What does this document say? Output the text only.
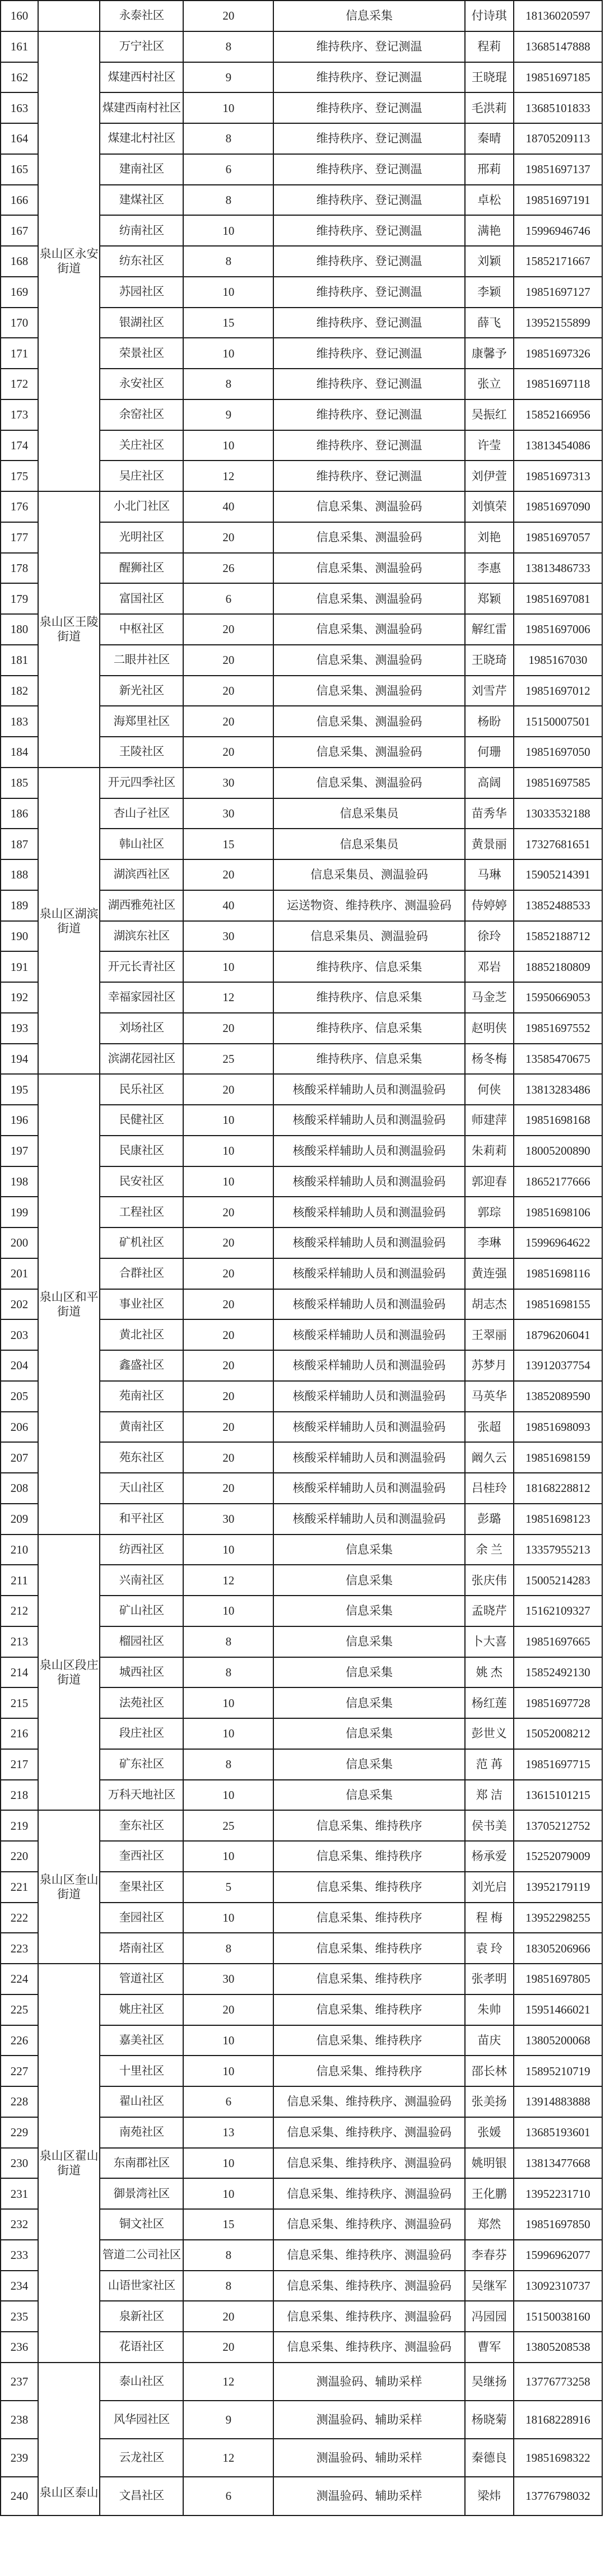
160		永泰社区	20	信息采集	付诗琪	18136020597
161	泉山区永安街道	万宁社区	8	维持秩序、登记测温	程莉	13685147888
162		煤建西村社区	9	维持秩序、登记测温	王晓琨	19851697185
163		煤建西南村社区	10	维持秩序、登记测温	毛洪莉	13685101833
164		煤建北村社区	8	维持秩序、登记测温	秦晴	18705209113
165		建南社区	6	维持秩序、登记测温	邢莉	19851697137
166		建煤社区	8	维持秩序、登记测温	卓松	19851697191
167		纺南社区	10	维持秩序、登记测温	满艳	15996946746
168		纺东社区	8	维持秩序、登记测温	刘颖	15852171667
169		苏园社区	10	维持秩序、登记测温	李颖	19851697127
170		银湖社区	15	维持秩序、登记测温	薛飞	13952155899
171		荣景社区	10	维持秩序、登记测温	康馨予	19851697326
172		永安社区	8	维持秩序、登记测温	张立	19851697118
173		余窑社区	9	维持秩序、登记测温	吴振红	15852166956
174		关庄社区	10	维持秩序、登记测温	许莹	13813454086
175		吴庄社区	12	维持秩序、登记测温	刘伊萱	19851697313
176	泉山区王陵街道	小北门社区	40	信息采集、测温验码	刘慎荣	19851697090
177		光明社区	20	信息采集、测温验码	刘艳	19851697057
178		醒狮社区	26	信息采集、测温验码	李惠	13813486733
179		富国社区	6	信息采集、测温验码	郑颖	19851697081
180		中枢社区	20	信息采集、测温验码	解红雷	19851697006
181		二眼井社区	20	信息采集、测温验码	王晓琦	1985167030
182		新光社区	20	信息采集、测温验码	刘雪芹	19851697012
183		海郑里社区	20	信息采集、测温验码	杨盼	15150007501
184		王陵社区	20	信息采集、测温验码	何珊	19851697050
185	泉山区湖滨街道	开元四季社区	30	信息采集、测温验码	高阔	19851697585
186		杏山子社区	30	信息采集员	苗秀华	13033532188
187		韩山社区	15	信息采集员	黄景丽	17327681651
188		湖滨西社区	20	信息采集员、测温验码	马琳	15905214391
189		湖西雅苑社区	40	运送物资、维持秩序、测温验码	侍婷婷	13852488533
190		湖滨东社区	30	信息采集员、测温验码	徐玲	15852188712
191		开元长青社区	10	维持秩序、信息采集	邓岩	18852180809
192		幸福家园社区	12	维持秩序、信息采集	马金芝	15950669053
193		刘场社区	20	维持秩序、信息采集	赵明侠	19851697552
194		滨湖花园社区	25	维持秩序、信息采集	杨冬梅	13585470675
195	泉山区和平街道	民乐社区	20	核酸采样辅助人员和测温验码	何侠	13813283486
196		民健社区	10	核酸采样辅助人员和测温验码	师建萍	19851698168
197		民康社区	10	核酸采样辅助人员和测温验码	朱莉莉	18005200890
198		民安社区	10	核酸采样辅助人员和测温验码	郭迎春	18652177666
199		工程社区	20	核酸采样辅助人员和测温验码	郭琮	19851698106
200		矿机社区	20	核酸采样辅助人员和测温验码	李琳	15996964622
201		合群社区	20	核酸采样辅助人员和测温验码	黄连强	19851698116
202		事业社区	20	核酸采样辅助人员和测温验码	胡志杰	19851698155
203		黄北社区	20	核酸采样辅助人员和测温验码	王翠丽	18796206041
204		鑫盛社区	20	核酸采样辅助人员和测温验码	苏梦月	13912037754
205		苑南社区	20	核酸采样辅助人员和测温验码	马英华	13852089590
206		黄南社区	20	核酸采样辅助人员和测温验码	张超	19851698093
207		苑东社区	20	核酸采样辅助人员和测温验码	阚久云	19851698159
208		天山社区	20	核酸采样辅助人员和测温验码	吕桂玲	18168228812
209		和平社区	30	核酸采样辅助人员和测温验码	彭璐	19851698123
210	泉山区段庄街道	纺西社区	10	信息采集	余 兰	13357955213
211		兴南社区	12	信息采集	张庆伟	15005214283
212		矿山社区	10	信息采集	孟晓芹	15162109327
213		榴园社区	8	信息采集	卜大喜	19851697665
214		城西社区	8	信息采集	姚 杰	15852492130
215		法苑社区	10	信息采集	杨红莲	19851697728
216		段庄社区	10	信息采集	彭世义	15052008212
217		矿东社区	8	信息采集	范 苒	19851697715
218		万科天地社区	10	信息采集	郑 洁	13615101215
219	泉山区奎山街道	奎东社区	25	信息采集、维持秩序	侯书美	13705212752
220		奎西社区	10	信息采集、维持秩序	杨承爱	15252079009
221		奎果社区	5	信息采集、维持秩序	刘光启	13952179119
222		奎园社区	10	信息采集、维持秩序	程 梅	13952298255
223		塔南社区	8	信息采集、维持秩序	袁 玲	18305206966
224	泉山区翟山街道	管道社区	30	信息采集、维持秩序	张孝明	19851697805
225		姚庄社区	20	信息采集、维持秩序	朱帅	15951466021
226		嘉美社区	10	信息采集、维持秩序	苗庆	13805200068
227		十里社区	10	信息采集、维持秩序	邵长林	15895210719
228		翟山社区	6	信息采集、维持秩序、测温验码	张美扬	13914883888
229		南苑社区	13	信息采集、维持秩序、测温验码	张媛	13685193601
230		东南郡社区	10	信息采集、维持秩序、测温验码	姚明银	13813477668
231		御景湾社区	10	信息采集、维持秩序、测温验码	王化鹏	13952231710
232		铜文社区	15	信息采集、维持秩序、测温验码	郑然	19851697850
233		管道二公司社区	8	信息采集、维持秩序、测温验码	李春芬	15996962077
234		山语世家社区	8	信息采集、维持秩序、测温验码	吴继军	13092310737
235		泉新社区	20	信息采集、维持秩序、测温验码	冯园园	15150038160
236		花语社区	20	信息采集、维持秩序、测温验码	曹军	13805208538
237	泉山区泰山	泰山社区	12	测温验码、辅助采样	吴继扬	13776773258
238		风华园社区	9	测温验码、辅助采样	杨晓菊	18168228916
239		云龙社区	12	测温验码、辅助采样	秦德良	19851698322
240		文昌社区	6	测温验码、辅助采样	梁炜	13776798032
